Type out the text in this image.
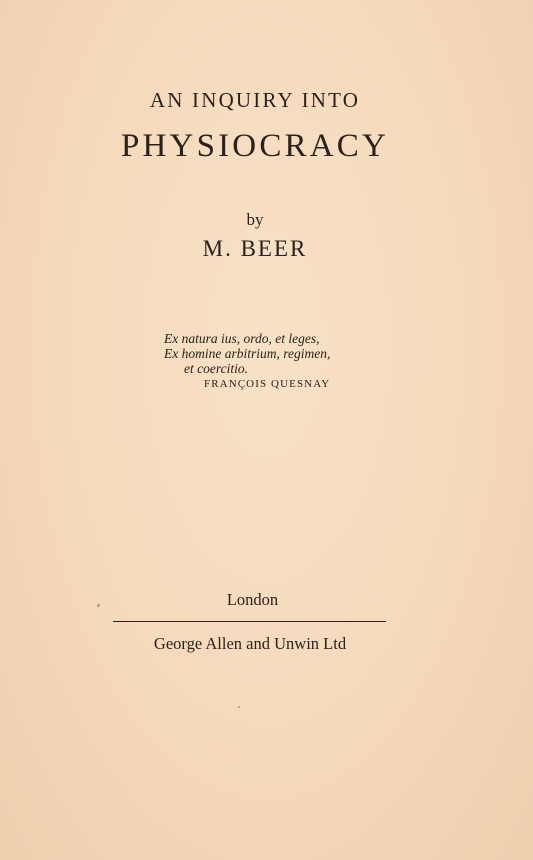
AN INQUIRY INTO
PHYSIOCRACY
by
M. BEER
Ex natura ius, ordo, et leges,
Ex homine arbitrium, regimen,
et coercitio.
FRANÇOIS QUESNAY
London
George Allen and Unwin Ltd
